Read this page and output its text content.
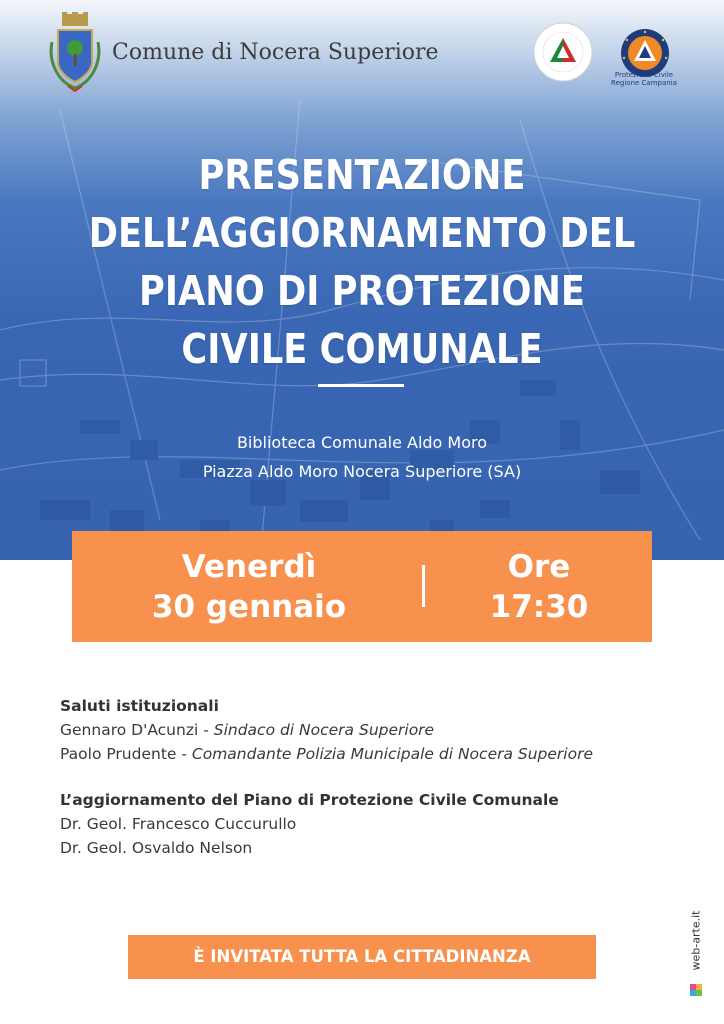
Comune di Nocera Superiore
Protezione Civile
Regione Campania
PRESENTAZIONE
DELL’AGGIORNAMENTO DEL
PIANO DI PROTEZIONE
CIVILE COMUNALE
Biblioteca Comunale Aldo Moro
Piazza Aldo Moro Nocera Superiore (SA)
Venerdì
30 gennaio
Ore
17:30

Saluti istituzionali

Gennaro D'Acunzi - Sindaco di Nocera Superiore

Paolo Prudente - Comandante Polizia Municipale di Nocera Superiore

L’aggiornamento del Piano di Protezione Civile Comunale

Dr. Geol. Francesco Cuccurullo

Dr. Geol. Osvaldo Nelson

È INVITATA TUTTA LA CITTADINANZA	web-arte.it
